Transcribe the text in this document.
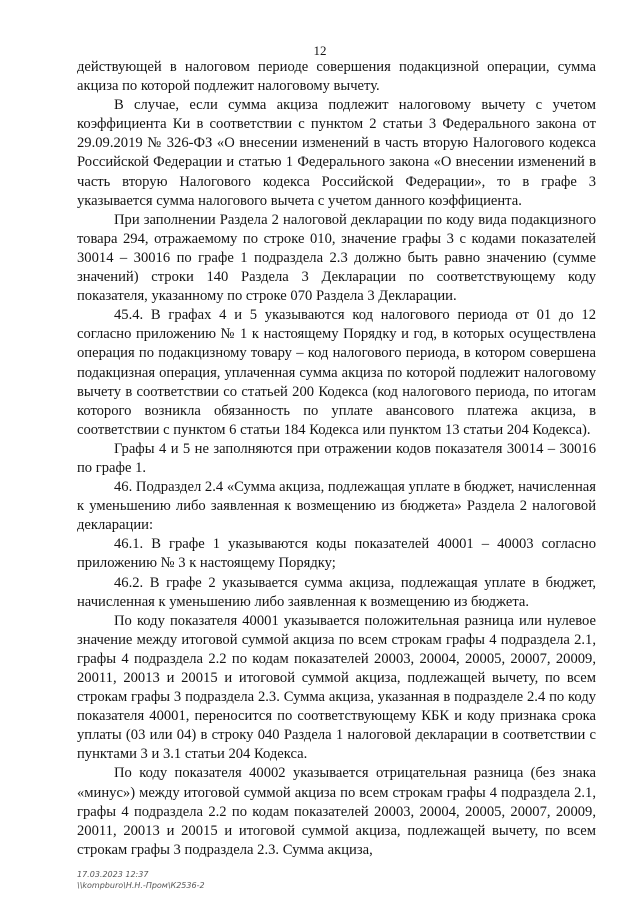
12

действующей в налоговом периоде совершения подакцизной операции, сумма акциза по которой подлежит налоговому вычету.

В случае, если сумма акциза подлежит налоговому вычету с учетом коэффициента Ки в соответствии с пунктом 2 статьи 3 Федерального закона от 29.09.2019 № 326-ФЗ «О внесении изменений в часть вторую Налогового кодекса Российской Федерации и статью 1 Федерального закона «О внесении изменений в часть вторую Налогового кодекса Российской Федерации», то в графе 3 указывается сумма налогового вычета с учетом данного коэффициента.

При заполнении Раздела 2 налоговой декларации по коду вида подакцизного товара 294, отражаемому по строке 010, значение графы 3 с кодами показателей 30014 – 30016 по графе 1 подраздела 2.3 должно быть равно значению (сумме значений) строки 140 Раздела 3 Декларации по соответствующему коду показателя, указанному по строке 070 Раздела 3 Декларации.

45.4. В графах 4 и 5 указываются код налогового периода от 01 до 12 согласно приложению № 1 к настоящему Порядку и год, в которых осуществлена операция по подакцизному товару – код налогового периода, в котором совершена подакцизная операция, уплаченная сумма акциза по которой подлежит налоговому вычету в соответствии со статьей 200 Кодекса (код налогового периода, по итогам которого возникла обязанность по уплате авансового платежа акциза, в соответствии с пунктом 6 статьи 184 Кодекса или пунктом 13 статьи 204 Кодекса).

Графы 4 и 5 не заполняются при отражении кодов показателя 30014 – 30016 по графе 1.

46. Подраздел 2.4 «Сумма акциза, подлежащая уплате в бюджет, начисленная к уменьшению либо заявленная к возмещению из бюджета» Раздела 2 налоговой декларации:

46.1. В графе 1 указываются коды показателей 40001 – 40003 согласно приложению № 3 к настоящему Порядку;

46.2. В графе 2 указывается сумма акциза, подлежащая уплате в бюджет, начисленная к уменьшению либо заявленная к возмещению из бюджета.

По коду показателя 40001 указывается положительная разница или нулевое значение между итоговой суммой акциза по всем строкам графы 4 подраздела 2.1, графы 4 подраздела 2.2 по кодам показателей 20003, 20004, 20005, 20007, 20009, 20011, 20013 и 20015 и итоговой суммой акциза, подлежащей вычету, по всем строкам графы 3 подраздела 2.3. Сумма акциза, указанная в подразделе 2.4 по коду показателя 40001, переносится по соответствующему КБК и коду признака срока уплаты (03 или 04) в строку 040 Раздела 1 налоговой декларации в соответствии с пунктами 3 и 3.1 статьи 204 Кодекса.

По коду показателя 40002 указывается отрицательная разница (без знака «минус») между итоговой суммой акциза по всем строкам графы 4 подраздела 2.1, графы 4 подраздела 2.2 по кодам показателей 20003, 20004, 20005, 20007, 20009, 20011, 20013 и 20015 и итоговой суммой акциза, подлежащей вычету, по всем строкам графы 3 подраздела 2.3. Сумма акциза,

17.03.2023 12:37
\\kompburo\Н.Н.-Пром\К2536-2
